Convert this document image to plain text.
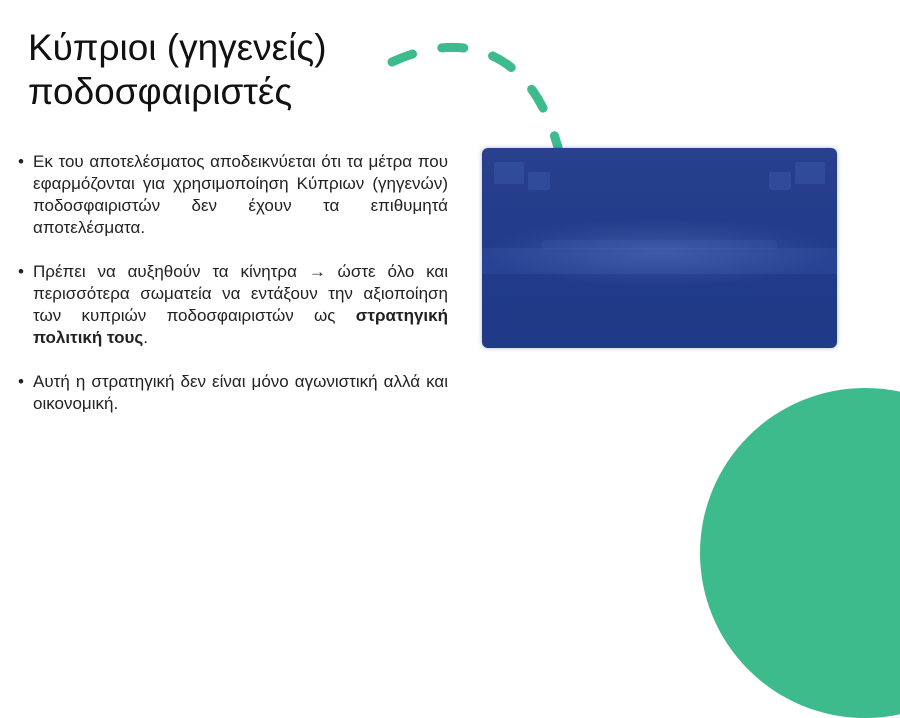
Κύπριοι (γηγενείς)
ποδοσφαιριστές
• Εκ του αποτελέσματος αποδεικνύεται ότι τα μέτρα που εφαρμόζονται για χρησιμοποίηση Κύπριων (γηγενών) ποδοσφαιριστών δεν έχουν τα επιθυμητά αποτελέσματα.
• Πρέπει να αυξηθούν τα κίνητρα → ώστε όλο και περισσότερα σωματεία να εντάξουν την αξιοποίηση των κυπριών ποδοσφαιριστών ως στρατηγική πολιτική τους.
• Αυτή η στρατηγική δεν είναι μόνο αγωνιστική αλλά και οικονομική.
